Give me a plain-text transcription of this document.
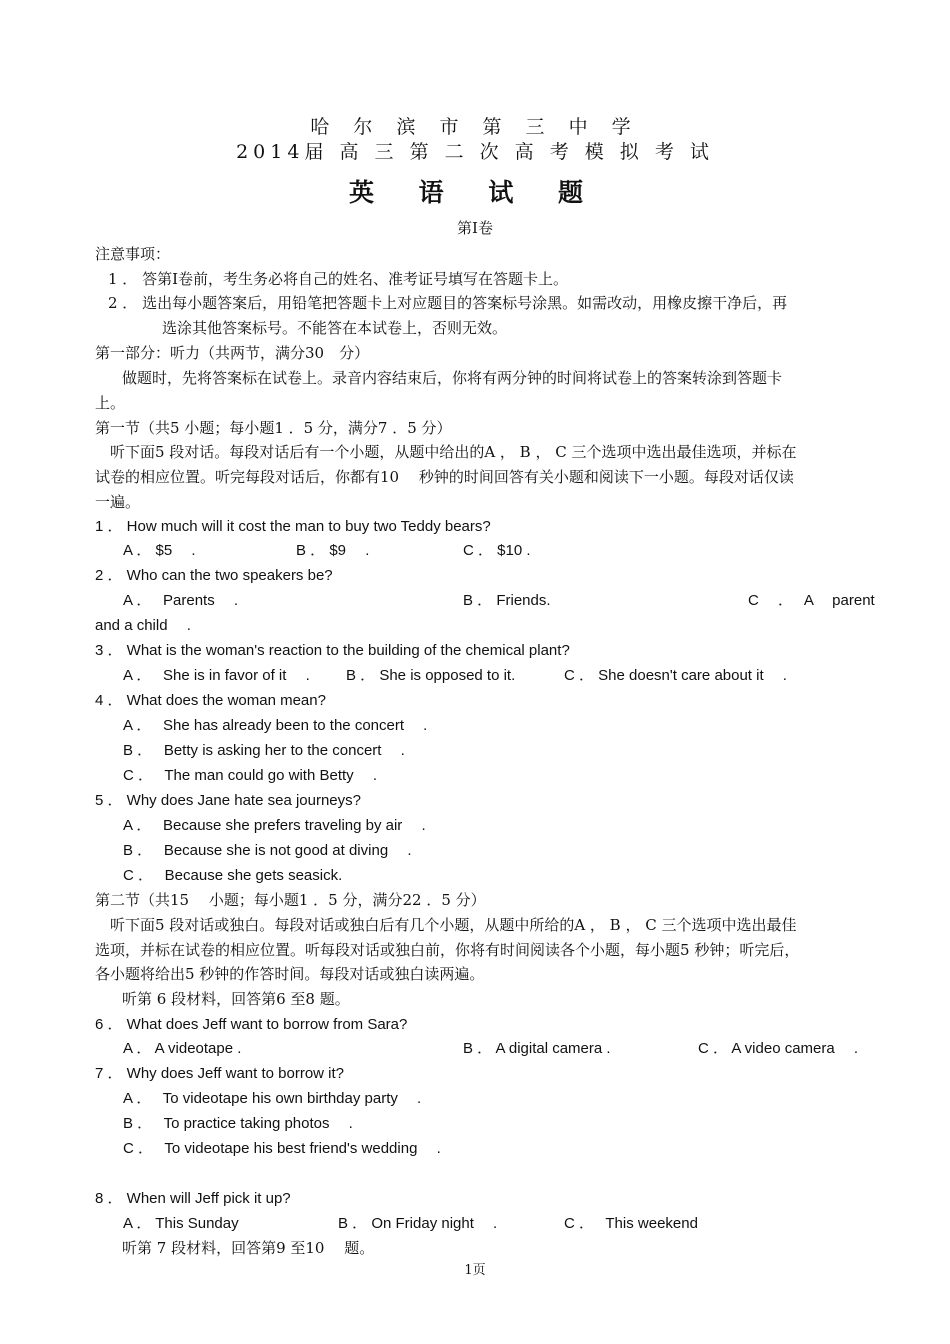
哈 尔 滨 市 第 三 中 学
2014届 高 三 第 二 次 高 考 模 拟 考 试
英 语 试 题
第Ⅰ卷
注意事项：
1 ． 答第Ⅰ卷前，考生务必将自己的姓名、准考证号填写在答题卡上。
2 ． 选出每小题答案后，用铅笔把答题卡上对应题目的答案标号涂黑。如需改动，用橡皮擦干净后，再
选涂其他答案标号。不能答在本试卷上，否则无效。
第一部分：听力（共两节，满分30　分）
做题时，先将答案标在试卷上。录音内容结束后，你将有两分钟的时间将试卷上的答案转涂到答题卡
上。
第一节（共5 小题；每小题1 ．5 分，满分7 ．5 分）
听下面5 段对话。每段对话后有一个小题，从题中给出的A ， B ， C 三个选项中选出最佳选项，并标在
试卷的相应位置。听完每段对话后，你都有10　 秒钟的时间回答有关小题和阅读下一小题。每段对话仅读
一遍。
1 ． How much will it cost the man to buy two Teddy bears?
A ． $5　 .	B ． $9　 .	C ． $10 .
2 ． Who can the two speakers be?
A ．　 Parents　 .	B ． Friends.	C　 ．　 A　 parent
and a child　 .
3 ． What is the woman's reaction to the building of the chemical plant?
A ．　 She is in favor of it　 . B ． She is opposed to it.	C ． She doesn't care about it　 .
4 ． What does the woman mean?
A ．　 She has already been to the concert　 .
B ．　 Betty is asking her to the concert　 .
C ．　 The man could go with Betty　 .
5 ． Why does Jane hate sea journeys?
A ．　 Because she prefers traveling by air　 .
B ．　 Because she is not good at diving　 .
C ．　 Because she gets seasick.
第二节（共15　 小题；每小题1 ．5 分，满分22 ．5 分）
听下面5 段对话或独白。每段对话或独白后有几个小题，从题中所给的A ， B ， C 三个选项中选出最佳
选项，并标在试卷的相应位置。听每段对话或独白前，你将有时间阅读各个小题，每小题5 秒钟；听完后，
各小题将给出5 秒钟的作答时间。每段对话或独白读两遍。
听第 6 段材料，回答第6 至8 题。
6 ． What does Jeff want to borrow from Sara?
A ． A videotape .	B ． A digital camera .	C ． A video camera　 .
7 ． Why does Jeff want to borrow it?
A ．　 To videotape his own birthday party　 .
B ．　 To practice taking photos　 .
C ．　 To videotape his best friend's wedding　 .
8 ． When will Jeff pick it up?
A ． This Sunday	B ． On Friday night　 .	C ．　 This weekend
听第 7 段材料，回答第9 至10　 题。
1页
